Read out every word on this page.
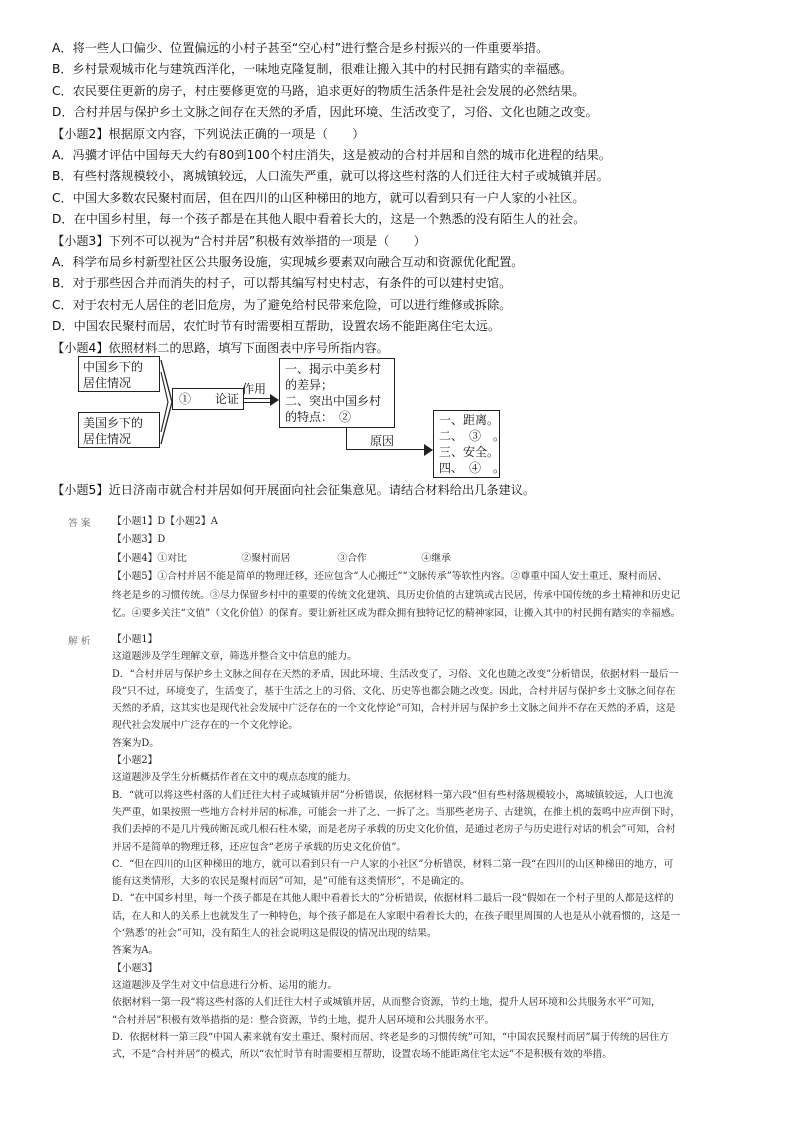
A．将一些人口偏少、位置偏远的小村子甚至“空心村”进行整合是乡村振兴的一件重要举措。
B．乡村景观城市化与建筑西洋化，一味地克隆复制，很难让搬入其中的村民拥有踏实的幸福感。
C．农民要住更新的房子，村庄要修更宽的马路，追求更好的物质生活条件是社会发展的必然结果。
D．合村并居与保护乡土文脉之间存在天然的矛盾，因此环境、生活改变了，习俗、文化也随之改变。
【小题2】根据原文内容，下列说法正确的一项是（　　）
A．冯骥才评估中国每天大约有80到100个村庄消失，这是被动的合村并居和自然的城市化进程的结果。
B．有些村落规模较小，离城镇较远，人口流失严重，就可以将这些村落的人们迁往大村子或城镇并居。
C．中国大多数农民聚村而居，但在四川的山区种梯田的地方，就可以看到只有一户人家的小社区。
D．在中国乡村里，每一个孩子都是在其他人眼中看着长大的，这是一个熟悉的没有陌生人的社会。
【小题3】下列不可以视为“合村并居”积极有效举措的一项是（　　）
A．科学布局乡村新型社区公共服务设施，实现城乡要素双向融合互动和资源优化配置。
B．对于那些因合并而消失的村子，可以帮其编写村史村志，有条件的可以建村史馆。
C．对于农村无人居住的老旧危房，为了避免给村民带来危险，可以进行维修或拆除。
D．中国农民聚村而居，农忙时节有时需要相互帮助，设置农场不能距离住宅太远。
【小题4】依照材料二的思路，填写下面图表中序号所指内容。
中国乡下的
居住情况
美国乡下的
居住情况
①　　论证
作用
一、揭示中美乡村
的差异；
二、突出中国乡村
的特点：　②　
原因
一、距离。
二、　③　。
三、安全。
四、　④　。
【小题5】近日济南市就合村并居如何开展面向社会征集意见。请结合材料给出几条建议。
答案 【小题1】D【小题2】A
【小题3】D
【小题4】①对比	②聚村而居	③合作	④继承
【小题5】①合村并居不能是简单的物理迁移，还应包含“人心搬迁”“文脉传承”等软性内容。②尊重中国人安土重迁、聚村而居、
终老是乡的习惯传统。③尽力保留乡村中的重要的传统文化建筑、具历史价值的古建筑或古民居，传承中国传统的乡土精神和历史记
忆。④要多关注“文值”（文化价值）的保育。要让新社区成为群众拥有独特记忆的精神家园，让搬入其中的村民拥有踏实的幸福感。
解析 【小题1】
这道题涉及学生理解文章，筛选并整合文中信息的能力。
D．“合村并居与保护乡土文脉之间存在天然的矛盾，因此环境、生活改变了，习俗、文化也随之改变”分析错误，依据材料一最后一
段“只不过，环境变了，生活变了，基于生活之上的习俗、文化、历史等也都会随之改变。因此，合村并居与保护乡土文脉之间存在
天然的矛盾，这其实也是现代社会发展中广泛存在的一个文化悖论”可知，合村并居与保护乡土文脉之间并不存在天然的矛盾，这是
现代社会发展中广泛存在的一个文化悖论。
答案为D。
【小题2】
这道题涉及学生分析概括作者在文中的观点态度的能力。
B．“就可以将这些村落的人们迁往大村子或城镇并居”分析错误，依据材料一第六段“但有些村落规模较小，离城镇较远，人口也流
失严重，如果按照一些地方合村并居的标准，可能会一并了之、一拆了之。当那些老房子、古建筑，在推土机的轰鸣中应声倒下时，
我们丢掉的不是几片残砖断瓦或几根石柱木梁，而是老房子承载的历史文化价值，是通过老房子与历史进行对话的机会”可知，合村
并居不是简单的物理迁移，还应包含“老房子承载的历史文化价值”。
C．“但在四川的山区种梯田的地方，就可以看到只有一户人家的小社区”分析错误，材料二第一段“在四川的山区种梯田的地方，可
能有这类情形，大多的农民是聚村而居”可知，是“可能有这类情形”，不是确定的。
D．“在中国乡村里，每一个孩子都是在其他人眼中看着长大的”分析错误，依据材料二最后一段“假如在一个村子里的人都是这样的
话，在人和人的关系上也就发生了一种特色，每个孩子都是在人家眼中看着长大的，在孩子眼里周围的人也是从小就看惯的，这是一
个‘熟悉’的社会”可知，没有陌生人的社会说明这是假设的情况出现的结果。
答案为A。
【小题3】
这道题涉及学生对文中信息进行分析、运用的能力。
依据材料一第一段“将这些村落的人们迁往大村子或城镇并居，从而整合资源，节约土地，提升人居环境和公共服务水平”可知，
“合村并居”积极有效举措指的是：整合资源，节约土地，提升人居环境和公共服务水平。
D．依据材料一第三段“中国人素来就有安土重迁、聚村而居、终老是乡的习惯传统”可知，“中国农民聚村而居”属于传统的居住方
式，不是“合村并居”的模式，所以“农忙时节有时需要相互帮助，设置农场不能距离住宅太远”不是积极有效的举措。
